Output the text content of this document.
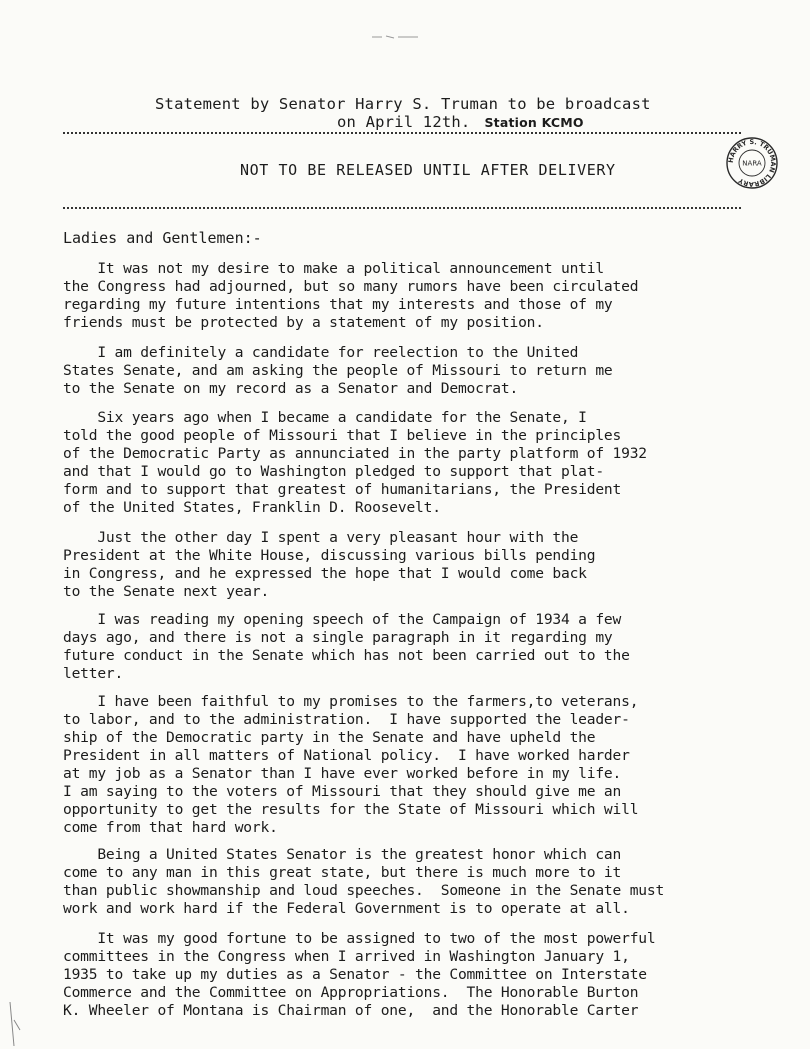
Statement by Senator Harry S. Truman to be broadcast
on April 12th. Station KCMO
NOT TO BE RELEASED UNTIL AFTER DELIVERY
HARRY S. TRUMAN LIBRARY
NARA
Ladies and Gentlemen:-
It was not my desire to make a political announcement until
the Congress had adjourned, but so many rumors have been circulated
regarding my future intentions that my interests and those of my
friends must be protected by a statement of my position.
I am definitely a candidate for reelection to the United
States Senate, and am asking the people of Missouri to return me
to the Senate on my record as a Senator and Democrat.
Six years ago when I became a candidate for the Senate, I
told the good people of Missouri that I believe in the principles
of the Democratic Party as annunciated in the party platform of 1932
and that I would go to Washington pledged to support that plat-
form and to support that greatest of humanitarians, the President
of the United States, Franklin D. Roosevelt.
Just the other day I spent a very pleasant hour with the
President at the White House, discussing various bills pending
in Congress, and he expressed the hope that I would come back
to the Senate next year.
I was reading my opening speech of the Campaign of 1934 a few
days ago, and there is not a single paragraph in it regarding my
future conduct in the Senate which has not been carried out to the
letter.
I have been faithful to my promises to the farmers,to veterans,
to labor, and to the administration.  I have supported the leader-
ship of the Democratic party in the Senate and have upheld the
President in all matters of National policy.  I have worked harder
at my job as a Senator than I have ever worked before in my life.
I am saying to the voters of Missouri that they should give me an
opportunity to get the results for the State of Missouri which will
come from that hard work.
Being a United States Senator is the greatest honor which can
come to any man in this great state, but there is much more to it
than public showmanship and loud speeches.  Someone in the Senate must
work and work hard if the Federal Government is to operate at all.
It was my good fortune to be assigned to two of the most powerful
committees in the Congress when I arrived in Washington January 1,
1935 to take up my duties as a Senator - the Committee on Interstate
Commerce and the Committee on Appropriations.  The Honorable Burton
K. Wheeler of Montana is Chairman of one,  and the Honorable Carter
